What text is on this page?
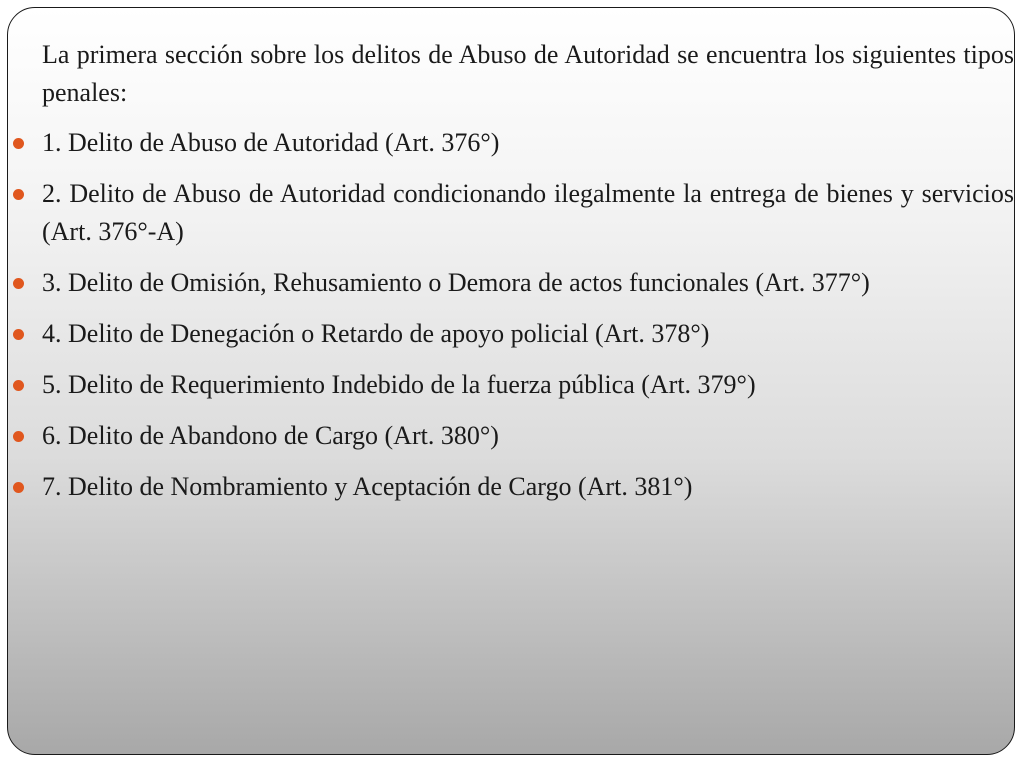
La primera sección sobre los delitos de Abuso de Autoridad se encuentra los siguientes tipos penales:

1. Delito de Abuso de Autoridad (Art. 376°)

2. Delito de Abuso de Autoridad condicionando ilegalmente la entrega de bienes y servicios (Art. 376°-A)

3. Delito de Omisión, Rehusamiento o Demora de actos funcionales (Art. 377°)

4. Delito de Denegación o Retardo de apoyo policial (Art. 378°)

5. Delito de Requerimiento Indebido de la fuerza pública (Art. 379°)

6. Delito de Abandono de Cargo (Art. 380°)

7. Delito de Nombramiento y Aceptación de Cargo (Art. 381°)
